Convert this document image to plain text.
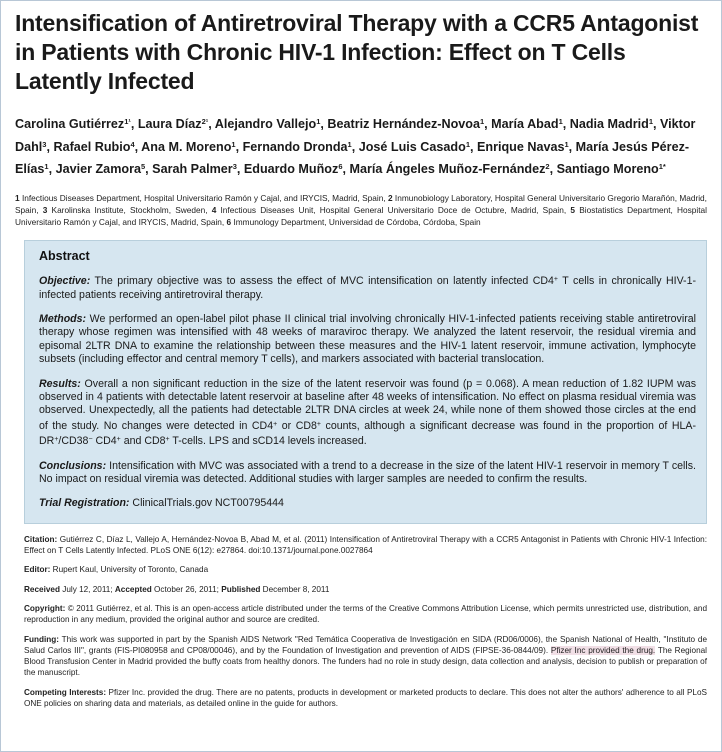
Intensification of Antiretroviral Therapy with a CCR5 Antagonist in Patients with Chronic HIV-1 Infection: Effect on T Cells Latently Infected
Carolina Gutiérrez$^{1^1}$, Laura Díaz$^{2^1}$, Alejandro Vallejo$^1$, Beatriz Hernández-Novoa$^1$, María Abad$^1$, Nadia Madrid$^1$, Viktor Dahl$^3$, Rafael Rubio$^4$, Ana M. Moreno$^1$, Fernando Dronda$^1$, José Luis Casado$^1$, Enrique Navas$^1$, María Jesús Pérez-Elías$^1$, Javier Zamora$^5$, Sarah Palmer$^3$, Eduardo Muñoz$^6$, María Ángeles Muñoz-Fernández$^2$, Santiago Moreno$^{1*}$
1 Infectious Diseases Department, Hospital Universitario Ramón y Cajal, and IRYCIS, Madrid, Spain, 2 Inmunobiology Laboratory, Hospital General Universitario Gregorio Marañón, Madrid, Spain, 3 Karolinska Institute, Stockholm, Sweden, 4 Infectious Diseases Unit, Hospital General Universitario Doce de Octubre, Madrid, Spain, 5 Biostatistics Department, Hospital Universitario Ramón y Cajal, and IRYCIS, Madrid, Spain, 6 Immunology Department, Universidad de Córdoba, Córdoba, Spain
Abstract

Objective: The primary objective was to assess the effect of MVC intensification on latently infected CD4+ T cells in chronically HIV-1-infected patients receiving antiretroviral therapy.

Methods: We performed an open-label pilot phase II clinical trial involving chronically HIV-1-infected patients receiving stable antiretroviral therapy whose regimen was intensified with 48 weeks of maraviroc therapy. We analyzed the latent reservoir, the residual viremia and episomal 2LTR DNA to examine the relationship between these measures and the HIV-1 latent reservoir, immune activation, lymphocyte subsets (including effector and central memory T cells), and markers associated with bacterial translocation.

Results: Overall a non significant reduction in the size of the latent reservoir was found (p = 0.068). A mean reduction of 1.82 IUPM was observed in 4 patients with detectable latent reservoir at baseline after 48 weeks of intensification. No effect on plasma residual viremia was observed. Unexpectedly, all the patients had detectable 2LTR DNA circles at week 24, while none of them showed those circles at the end of the study. No changes were detected in CD4+ or CD8+ counts, although a significant decrease was found in the proportion of HLA-DR+/CD38− CD4+ and CD8+ T-cells. LPS and sCD14 levels increased.

Conclusions: Intensification with MVC was associated with a trend to a decrease in the size of the latent HIV-1 reservoir in memory T cells. No impact on residual viremia was detected. Additional studies with larger samples are needed to confirm the results.

Trial Registration: ClinicalTrials.gov NCT00795444

Citation: Gutiérrez C, Díaz L, Vallejo A, Hernández-Novoa B, Abad M, et al. (2011) Intensification of Antiretroviral Therapy with a CCR5 Antagonist in Patients with Chronic HIV-1 Infection: Effect on T Cells Latently Infected. PLoS ONE 6(12): e27864. doi:10.1371/journal.pone.0027864

Editor: Rupert Kaul, University of Toronto, Canada

Received July 12, 2011; Accepted October 26, 2011; Published December 8, 2011

Copyright: © 2011 Gutiérrez, et al. This is an open-access article distributed under the terms of the Creative Commons Attribution License, which permits unrestricted use, distribution, and reproduction in any medium, provided the original author and source are credited.

Funding: This work was supported in part by the Spanish AIDS Network "Red Temática Cooperativa de Investigación en SIDA (RD06/0006), the Spanish National of Health, "Instituto de Salud Carlos III", grants (FIS-PI080958 and CP08/00046), and by the Foundation of Investigation and prevention of AIDS (FIPSE-36-0844/09). Pfizer Inc provided the drug. The Regional Blood Transfusion Center in Madrid provided the buffy coats from healthy donors. The funders had no role in study design, data collection and analysis, decision to publish or preparation of the manuscript.

Competing Interests: Pfizer Inc. provided the drug. There are no patents, products in development or marketed products to declare. This does not alter the authors' adherence to all PLoS ONE policies on sharing data and materials, as detailed online in the guide for authors.
